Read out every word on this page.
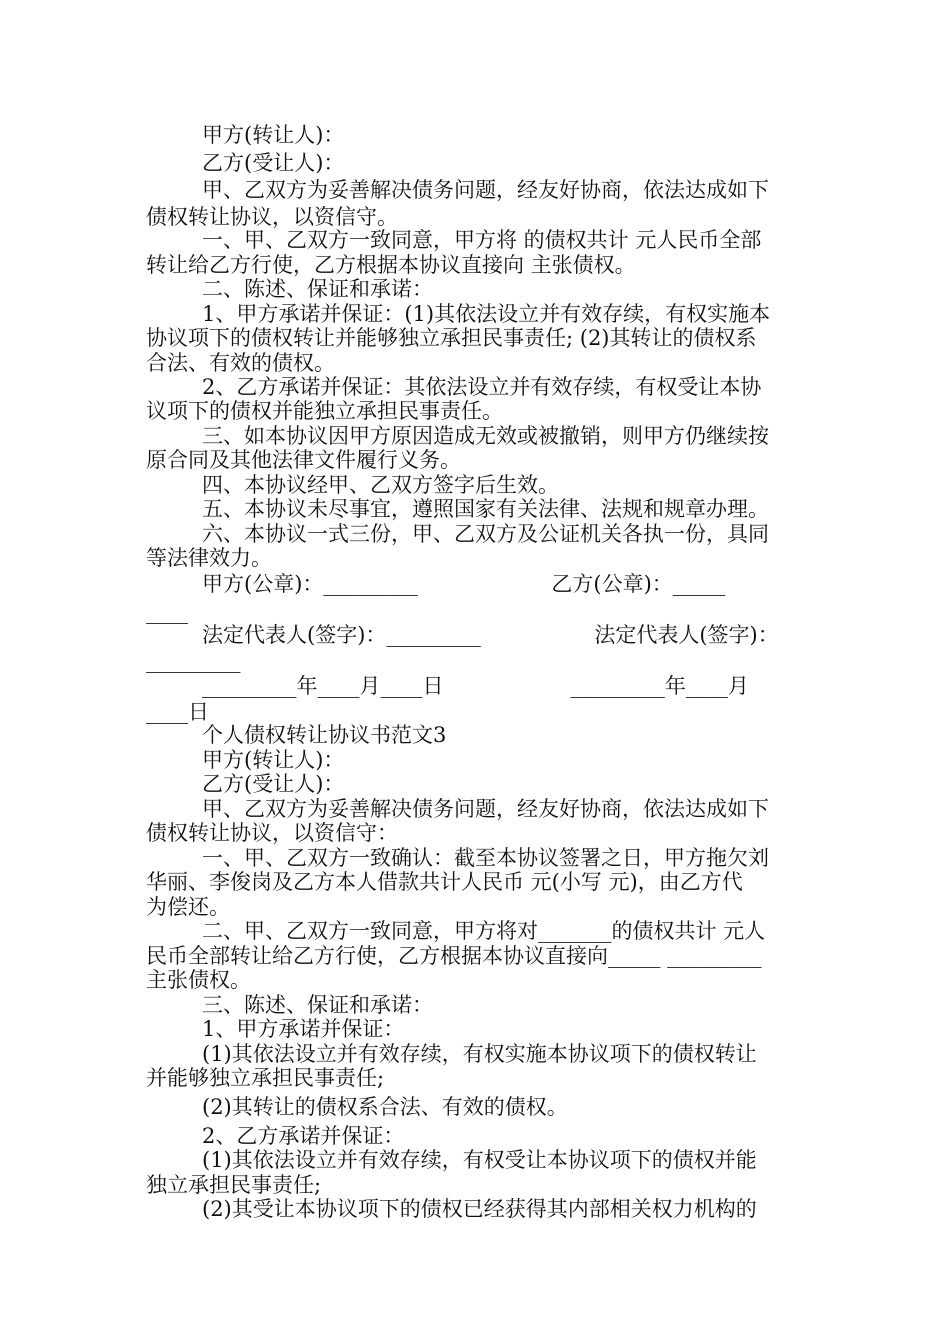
甲方(转让人)：

乙方(受让人)：

甲、乙双方为妥善解决债务问题，经友好协商，依法达成如下

债权转让协议，以资信守。

一、甲、乙双方一致同意，甲方将 的债权共计 元人民币全部

转让给乙方行使，乙方根据本协议直接向 主张债权。

二、陈述、保证和承诺：

1、甲方承诺并保证：(1)其依法设立并有效存续，有权实施本

协议项下的债权转让并能够独立承担民事责任; (2)其转让的债权系

合法、有效的债权。

2、乙方承诺并保证：其依法设立并有效存续，有权受让本协

议项下的债权并能独立承担民事责任。

三、如本协议因甲方原因造成无效或被撤销，则甲方仍继续按

原合同及其他法律文件履行义务。

四、本协议经甲、乙双方签字后生效。

五、本协议未尽事宜，遵照国家有关法律、法规和规章办理。

六、本协议一式三份，甲、乙双方及公证机关各执一份，具同

等法律效力。

甲方(公章)：_________                    乙方(公章)：_____

____

法定代表人(签字)：_________                 法定代表人(签字)：

_________

_________年____月____日                   _________年____月

____日

个人债权转让协议书范文3

甲方(转让人)：

乙方(受让人)：

甲、乙双方为妥善解决债务问题，经友好协商，依法达成如下

债权转让协议，以资信守：

一、甲、乙双方一致确认：截至本协议签署之日，甲方拖欠刘

华丽、李俊岗及乙方本人借款共计人民币 元(小写 元)，由乙方代

为偿还。

二、甲、乙双方一致同意，甲方将对_______的债权共计 元人

民币全部转让给乙方行使，乙方根据本协议直接向_____ _________

主张债权。

三、陈述、保证和承诺：

1、甲方承诺并保证：

(1)其依法设立并有效存续，有权实施本协议项下的债权转让

并能够独立承担民事责任;

(2)其转让的债权系合法、有效的债权。

2、乙方承诺并保证：

(1)其依法设立并有效存续，有权受让本协议项下的债权并能

独立承担民事责任;

(2)其受让本协议项下的债权已经获得其内部相关权力机构的
